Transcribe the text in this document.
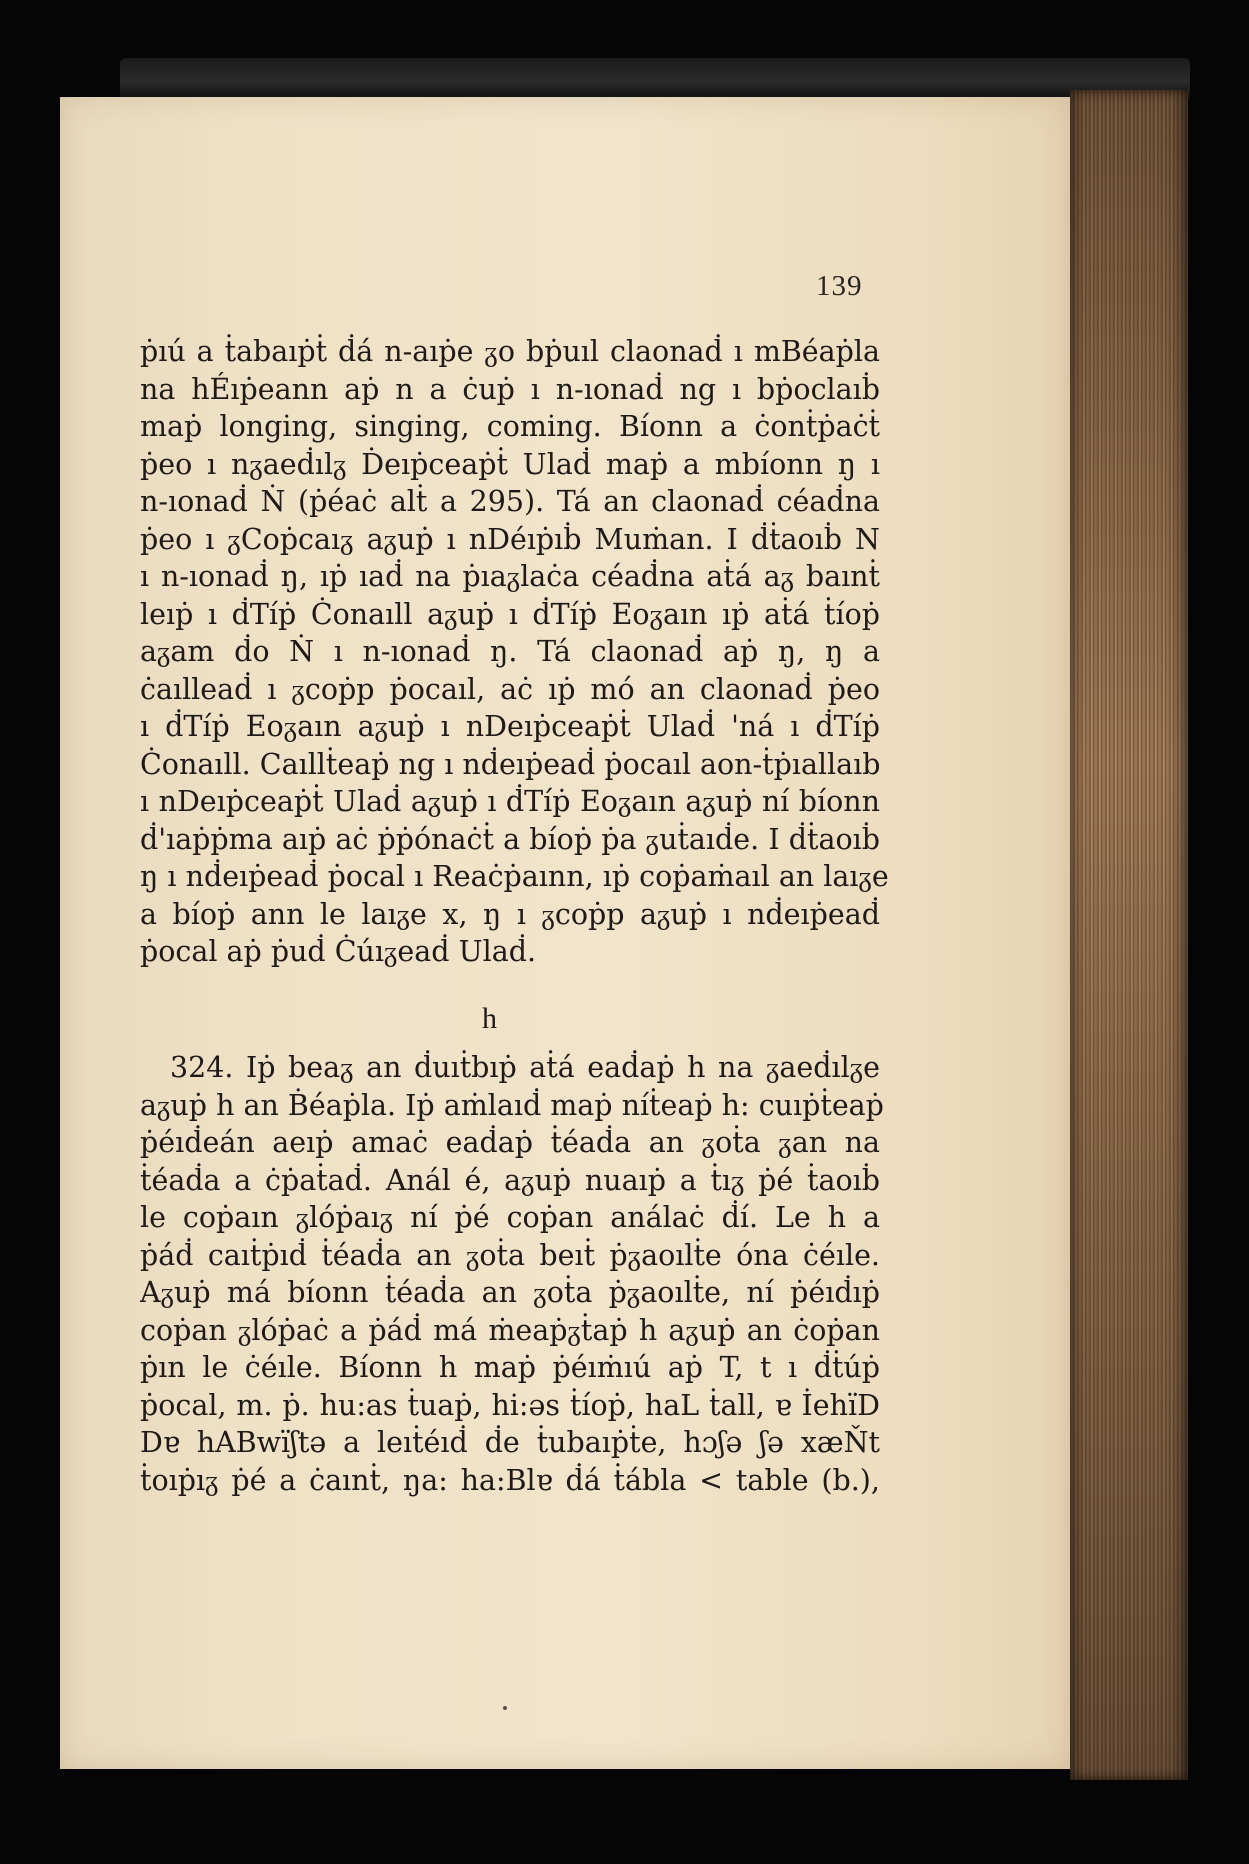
139
ṗıú a ṫabaıṗṫ ḋá n-aıṗe ᵹo bṗuıl claonaḋ ı mBéaṗla
na hÉıṗeann aṗ n a ċuṗ ı n-ıonaḋ ng ı bṗoclaıḃ
maṗ longing, singing, coming. Bíonn a ċonṫṗaċṫ
ṗeo ı nᵹaeḋılᵹ Ḋeıṗceaṗṫ Ulaḋ maṗ a mbíonn ŋ ı
n-ıonaḋ Ṅ (ṗéaċ alṫ a 295). Tá an claonaḋ céaḋna
ṗeo ı ᵹCoṗcaıᵹ aᵹuṗ ı nDéıṗıḃ Muṁan. I ḋṫaoıḃ N
ı n-ıonaḋ ŋ, ıṗ ıaḋ na ṗıaᵹlaċa céaḋna aṫá aᵹ baınṫ
leıṗ ı ḋTíṗ Ċonaıll aᵹuṗ ı ḋTíṗ Eoᵹaın ıṗ aṫá ṫíoṗ
aᵹam ḋo Ṅ ı n-ıonaḋ ŋ. Tá claonaḋ aṗ ŋ, ŋ a
ċaılleaḋ ı ᵹcoṗp ṗocaıl, aċ ıṗ mó an claonaḋ ṗeo
ı ḋTíṗ Eoᵹaın aᵹuṗ ı nDeıṗceaṗṫ Ulaḋ 'ná ı ḋTíṗ
Ċonaıll. Caıllṫeaṗ ng ı nḋeıṗeaḋ ṗocaıl aon-ṫṗıallaıb
ı nDeıṗceaṗṫ Ulaḋ aᵹuṗ ı ḋTíṗ Eoᵹaın aᵹuṗ ní bíonn
ḋ'ıaṗṗma aıṗ aċ ṗṗónaċṫ a bíoṗ ṗa ᵹuṫaıḋe. I ḋṫaoıḃ
ŋ ı nḋeıṗeaḋ ṗocal ı Reaċṗaınn, ıṗ coṗaṁaıl an laıᵹe
a bíoṗ ann le laıᵹe x, ŋ ı ᵹcoṗp aᵹuṗ ı nḋeıṗeaḋ
ṗocal aṗ ṗuḋ Ċúıᵹeaḋ Ulaḋ.
h
324. Iṗ beaᵹ an ḋuıṫbıṗ aṫá eaḋaṗ h na ᵹaeḋılᵹe
aᵹuṗ h an Ḃéaṗla. Iṗ aṁlaıḋ maṗ níṫeaṗ h: cuıṗṫeaṗ
ṗéıḋeán aeıṗ amaċ eaḋaṗ ṫéaḋa an ᵹoṫa ᵹan na
ṫéaḋa a ċṗaṫaḋ. Anál é, aᵹuṗ nuaıṗ a ṫıᵹ ṗé ṫaoıḃ
le coṗaın ᵹlóṗaıᵹ ní ṗé coṗan análaċ ḋí. Le h a
ṗáḋ caıṫṗıḋ ṫéaḋa an ᵹoṫa beıṫ ṗᵹaoılṫe óna ċéıle.
Aᵹuṗ má bíonn ṫéaḋa an ᵹoṫa ṗᵹaoılṫe, ní ṗéıḋıṗ
coṗan ᵹlóṗaċ a ṗáḋ má ṁeaṗᵹṫaṗ h aᵹuṗ an ċoṗan
ṗın le ċéıle. Bíonn h maṗ ṗéıṁıú aṗ T, t ı ḋṫúṗ
ṗocal, m. ṗ. hu:as ṫuaṗ, hi:əs ṫíoṗ, haL ṫall, ɐ İehïD
Dɐ hABwïʃtə a leıṫéıḋ ḋe ṫubaıṗṫe, hɔʃə ʃə xæŇt
ṫoıṗıᵹ ṗé a ċaınṫ, ŋa: ha:Blɐ ḋá ṫábla < table (b.),
